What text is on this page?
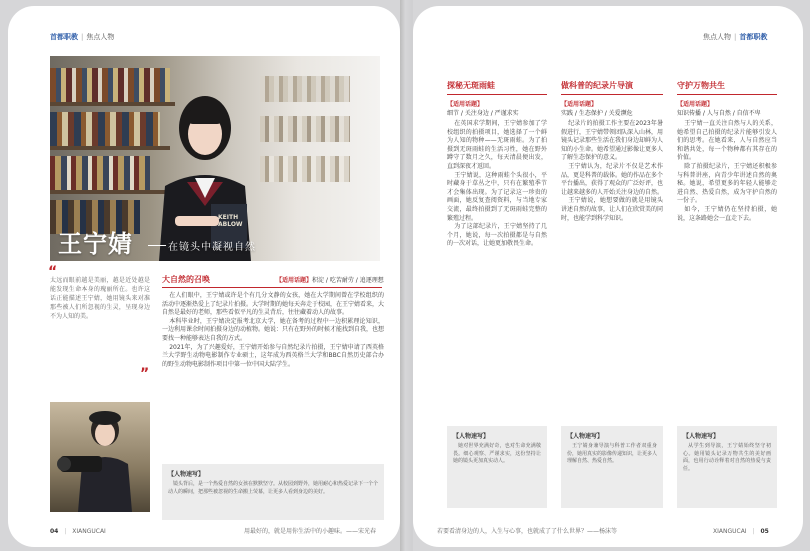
首都职教 | 焦点人物
KEITH ABLOW
王宁婧	在镜头中凝视自然
“
太远而眼前越是美丽，越是近处越是能发现生命本身的瑰丽所在。也许这话正能描述王宁婧，她用镜头来对准那些被人们所忽视的生灵，呈现身边不为人知的美。
”
大自然的召唤	【适用话题】积淀 / 吃苦耐劳 / 追逐理想

在人们眼中，王宁婧或许是个有几分文静的女孩，她在大学期间曾在学校组织的活动中逐渐热爱上了纪录片拍摄。大学时期的她每天奔走于校园，在王宁婧看来，大自然是最好的老师，那些看似平凡的生灵背后，往往藏着动人的故事。

本科毕业时，王宁婧决定报考北京大学，她在备考的过程中一边积累理论知识，一边利用课余时间拍摄身边的动植物。她说：只有在野外的时候才能找到自我，也想要找一种能够表达自我的方式。

2021年，为了兴趣爱好，王宁婧开始参与自然纪录片拍摄，王宁婧申请了西英格兰大学野生动物电影制作专业硕士，这年成为西英格兰大学和BBC自然历史部合办的野生动物电影制作项目中第一位中国大陆学生。

【人物速写】
镜头背后，是一个热爱自然的女孩在默默坚守。从校园到野外，她用耐心和热爱记录下一个个动人的瞬间，把那些被忽视的生命搬上荧幕，让更多人看到身边的美好。
04 | XIANGUCAI	用最好的，就是用你生活中的小趣味。——宋光春
焦点人物 | 首都职教
探秘无斑雨蛙
【适用话题】
细节 / 关注身边 / 严谨求实

在英国求学期间，王宁婧参加了学校组织的拍摄项目，她选择了一个鲜为人知的物种——无斑雨蛙。为了拍摄到无斑雨蛙的生活习性，她在野外蹲守了数月之久，每天清晨便出发，直到深夜才返回。

王宁婧说，这种雨蛙个头很小，平时藏身于草丛之中，只有在繁殖季节才会集体出现。为了记录这一珍贵的画面，她反复查阅资料，与当地专家交流，最终拍摄到了无斑雨蛙完整的繁殖过程。

为了这部纪录片，王宁婧坚持了几个月，她说，每一次拍摄都是与自然的一次对话，让她更加敬畏生命。

【人物速写】
她对世界充满好奇，也对生命充满敬畏。细心观察、严谨求实，这份坚持让她的镜头更加真实动人。
做科普的纪录片导演
【适用话题】
实践 / 生态保护 / 关爱濒危

纪录片的拍摄工作主要在2023年暑假进行，王宁婧带领团队深入山林，用镜头记录那些生活在我们身边却鲜为人知的小生命。她希望通过影像让更多人了解生态保护的意义。

王宁婧认为，纪录片不仅是艺术作品，更是科普的载体。她的作品在多个平台播出，获得了观众的广泛好评，也让越来越多的人开始关注身边的自然。

王宁婧说，她想要做的就是用镜头讲述自然的故事，让人们在欣赏美的同时，也能学到科学知识。

【人物速写】
王宁婧身兼导演与科普工作者双重身份，她用真实的影像传递知识，让更多人理解自然、热爱自然。
守护万物共生
【适用话题】
知识传播 / 人与自然 / 自信不卑

王宁婧一直关注自然与人的关系，她希望自己拍摄的纪录片能够引发人们的思考。在她看来，人与自然应当和谐共处，每一个物种都有其存在的价值。

除了拍摄纪录片，王宁婧还积极参与科普讲座，向青少年讲述自然的奥秘。她说，希望更多的年轻人能够走进自然、热爱自然，成为守护自然的一份子。

如今，王宁婧仍在坚持拍摄，她说，这条路她会一直走下去。

【人物速写】
从学生到导演，王宁婧始终坚守初心。她用镜头记录万物共生的美好画面，也用行动诠释着对自然的热爱与责任。
若要看清身边的人，入生与心事，也就成了了什么世界？——杨沫等	XIANGUCAI | 05
